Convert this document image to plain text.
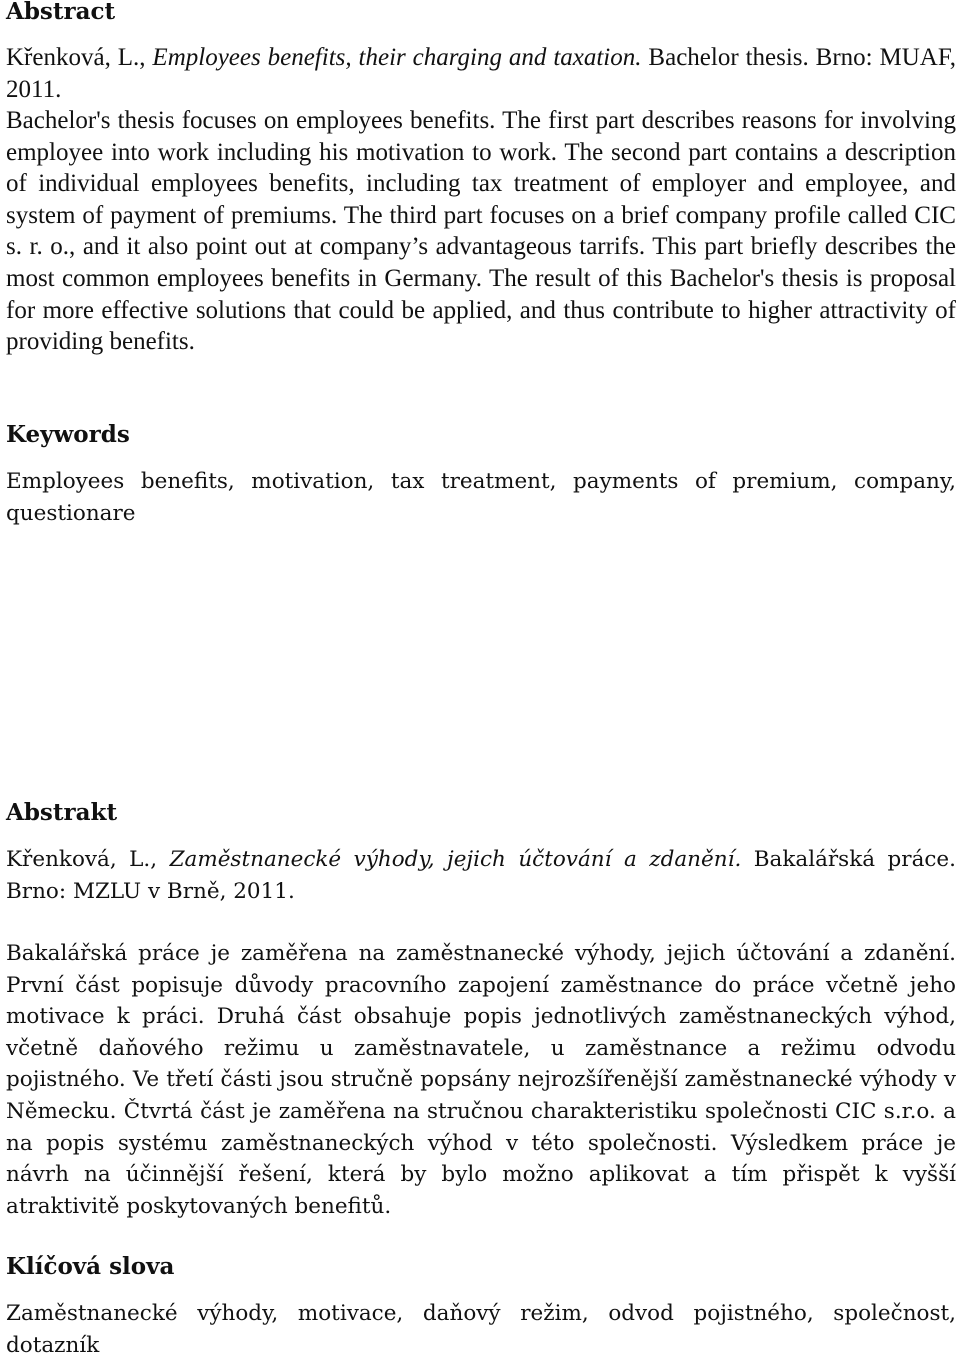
Abstract

Křenková, L., Employees benefits, their charging and taxation. Bachelor thesis. Brno: MUAF, 2011.

Bachelor's thesis focuses on employees benefits. The first part describes reasons for involving employee into work including his motivation to work. The second part contains a description of individual employees benefits, including tax treatment of employer and employee, and system of payment of premiums. The third part focuses on a brief company profile called CIC s. r. o., and it also point out at company’s advantageous tarrifs. This part briefly describes the most common employees benefits in Germany. The result of this Bachelor's thesis is proposal for more effective solutions that could be applied, and thus contribute to higher attractivity of providing benefits.

Keywords

Employees benefits, motivation, tax treatment, payments of premium, company, questionare

Abstrakt

Křenková, L., Zaměstnanecké výhody, jejich účtování a zdanění. Bakalářská práce. Brno: MZLU v Brně, 2011.

Bakalářská práce je zaměřena na zaměstnanecké výhody, jejich účtování a zdanění. První část popisuje důvody pracovního zapojení zaměstnance do práce včetně jeho motivace k práci. Druhá část obsahuje popis jednotlivých zaměstnaneckých výhod, včetně daňového režimu u zaměstnavatele, u zaměstnance a režimu odvodu pojistného. Ve třetí části jsou stručně popsány nejrozšířenější zaměstnanecké výhody v Německu. Čtvrtá část je zaměřena na stručnou charakteristiku společnosti CIC s.r.o. a na popis systému zaměstnaneckých výhod v této společnosti. Výsledkem práce je návrh na účinnější řešení, která by bylo možno aplikovat a tím přispět k vyšší atraktivitě poskytovaných benefitů.

Klíčová slova

Zaměstnanecké výhody, motivace, daňový režim, odvod pojistného, společnost, dotazník
